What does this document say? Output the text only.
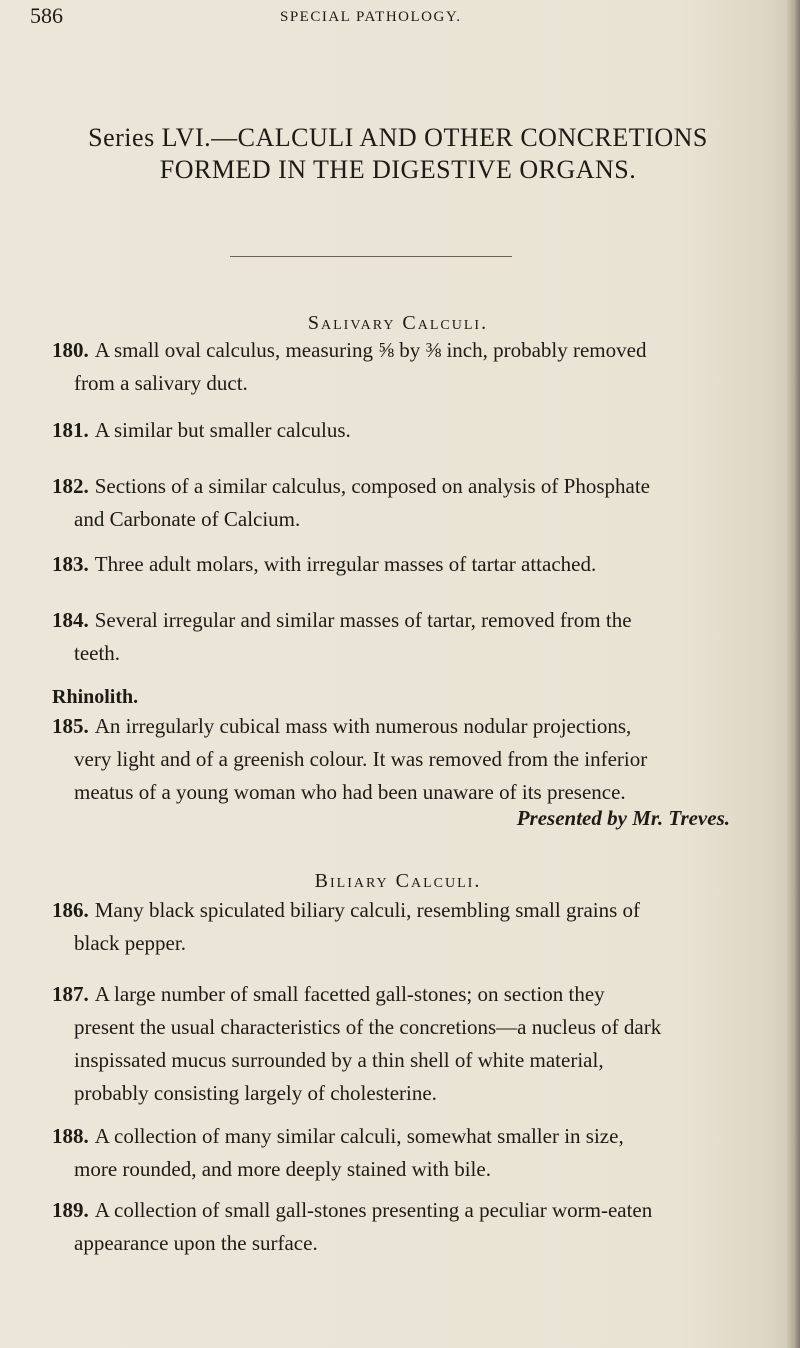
586	SPECIAL PATHOLOGY.
Series LVI.—CALCULI AND OTHER CONCRETIONS
FORMED IN THE DIGESTIVE ORGANS.
Salivary Calculi.
180. A small oval calculus, measuring ⅝ by ⅜ inch, probably removed
from a salivary duct.
181. A similar but smaller calculus.
182. Sections of a similar calculus, composed on analysis of Phosphate
and Carbonate of Calcium.
183. Three adult molars, with irregular masses of tartar attached.
184. Several irregular and similar masses of tartar, removed from the
teeth.
Rhinolith.
185. An irregularly cubical mass with numerous nodular projections,
very light and of a greenish colour. It was removed from the inferior
meatus of a young woman who had been unaware of its presence.
Presented by Mr. Treves.
Biliary Calculi.
186. Many black spiculated biliary calculi, resembling small grains of
black pepper.
187. A large number of small facetted gall-stones; on section they
present the usual characteristics of the concretions—a nucleus of dark
inspissated mucus surrounded by a thin shell of white material,
probably consisting largely of cholesterine.
188. A collection of many similar calculi, somewhat smaller in size,
more rounded, and more deeply stained with bile.
189. A collection of small gall-stones presenting a peculiar worm-eaten
appearance upon the surface.
